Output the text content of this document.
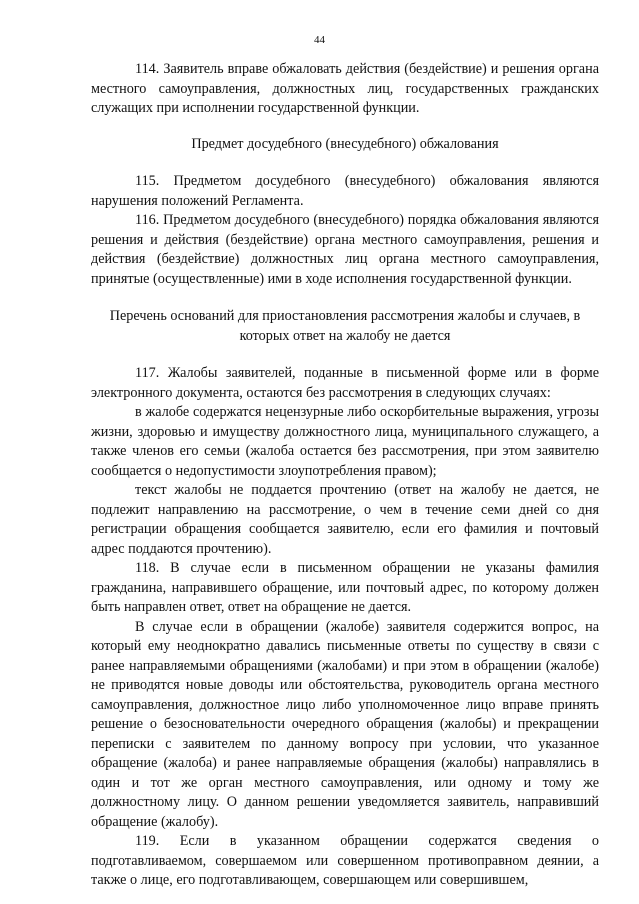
44

114. Заявитель вправе обжаловать действия (бездействие) и решения органа местного самоуправления, должностных лиц, государственных гражданских служащих при исполнении государственной функции.

Предмет досудебного (внесудебного) обжалования

115. Предметом досудебного (внесудебного) обжалования являются нарушения положений Регламента.

116. Предметом досудебного (внесудебного) порядка обжалования являются решения и действия (бездействие) органа местного самоуправления, решения и действия (бездействие) должностных лиц органа местного самоуправления, принятые (осуществленные) ими в ходе исполнения государственной функции.

Перечень оснований для приостановления рассмотрения жалобы и случаев, в которых ответ на жалобу не дается

117. Жалобы заявителей, поданные в письменной форме или в форме электронного документа, остаются без рассмотрения в следующих случаях:

в жалобе содержатся нецензурные либо оскорбительные выражения, угрозы жизни, здоровью и имуществу должностного лица, муниципального служащего, а также членов его семьи (жалоба остается без рассмотрения, при этом заявителю сообщается о недопустимости злоупотребления правом);

текст жалобы не поддается прочтению (ответ на жалобу не дается, не подлежит направлению на рассмотрение, о чем в течение семи дней со дня регистрации обращения сообщается заявителю, если его фамилия и почтовый адрес поддаются прочтению).

118. В случае если в письменном обращении не указаны фамилия гражданина, направившего обращение, или почтовый адрес, по которому должен быть направлен ответ, ответ на обращение не дается.

В случае если в обращении (жалобе) заявителя содержится вопрос, на который ему неоднократно давались письменные ответы по существу в связи с ранее направляемыми обращениями (жалобами) и при этом в обращении (жалобе) не приводятся новые доводы или обстоятельства, руководитель органа местного самоуправления, должностное лицо либо уполномоченное лицо вправе принять решение о безосновательности очередного обращения (жалобы) и прекращении переписки с заявителем по данному вопросу при условии, что указанное обращение (жалоба) и ранее направляемые обращения (жалобы) направлялись в один и тот же орган местного самоуправления, или одному и тому же должностному лицу. О данном решении уведомляется заявитель, направивший обращение (жалобу).

119. Если в указанном обращении содержатся сведения о подготавливаемом, совершаемом или совершенном противоправном деянии, а также о лице, его подготавливающем, совершающем или совершившем,
